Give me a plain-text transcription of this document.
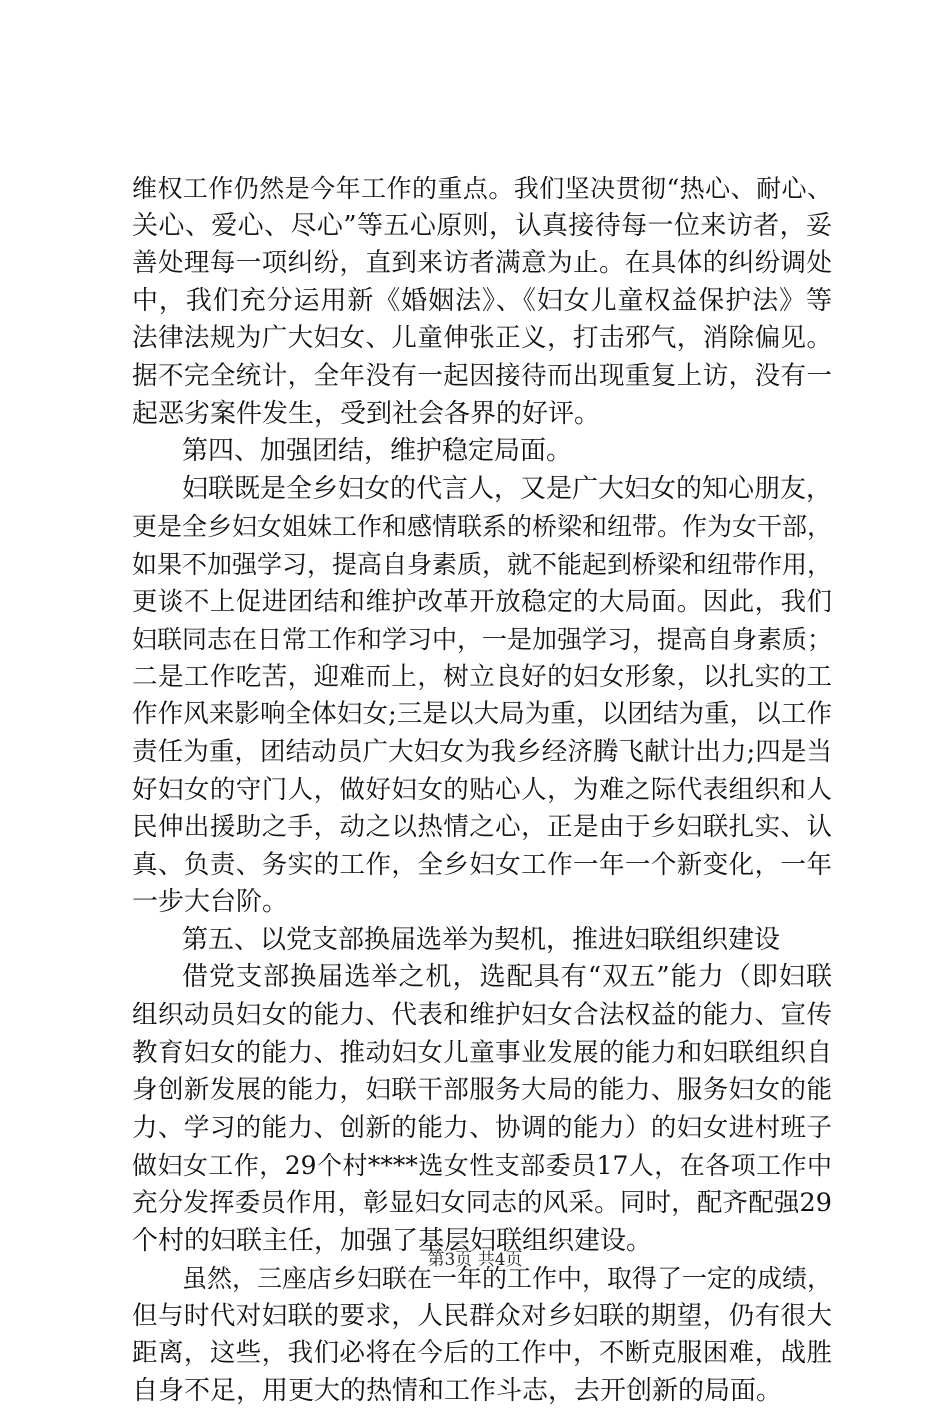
维权工作仍然是今年工作的重点。我们坚决贯彻“热心、耐心、
关心、爱心、尽心”等五心原则，认真接待每一位来访者，妥
善处理每一项纠纷，直到来访者满意为止。在具体的纠纷调处
中，我们充分运用新《婚姻法》、《妇女儿童权益保护法》等
法律法规为广大妇女、儿童伸张正义，打击邪气，消除偏见。
据不完全统计，全年没有一起因接待而出现重复上访，没有一
起恶劣案件发生，受到社会各界的好评。
第四、加强团结，维护稳定局面。
妇联既是全乡妇女的代言人，又是广大妇女的知心朋友，
更是全乡妇女姐妹工作和感情联系的桥梁和纽带。作为女干部，
如果不加强学习，提高自身素质，就不能起到桥梁和纽带作用，
更谈不上促进团结和维护改革开放稳定的大局面。因此，我们
妇联同志在日常工作和学习中，一是加强学习，提高自身素质；
二是工作吃苦，迎难而上，树立良好的妇女形象，以扎实的工
作作风来影响全体妇女;三是以大局为重，以团结为重，以工作
责任为重，团结动员广大妇女为我乡经济腾飞献计出力;四是当
好妇女的守门人，做好妇女的贴心人，为难之际代表组织和人
民伸出援助之手，动之以热情之心，正是由于乡妇联扎实、认
真、负责、务实的工作，全乡妇女工作一年一个新变化，一年
一步大台阶。
第五、以党支部换届选举为契机，推进妇联组织建设
借党支部换届选举之机，选配具有“双五”能力（即妇联
组织动员妇女的能力、代表和维护妇女合法权益的能力、宣传
教育妇女的能力、推动妇女儿童事业发展的能力和妇联组织自
身创新发展的能力，妇联干部服务大局的能力、服务妇女的能
力、学习的能力、创新的能力、协调的能力）的妇女进村班子
做妇女工作，29个村****选女性支部委员17人，在各项工作中
充分发挥委员作用，彰显妇女同志的风采。同时，配齐配强29
个村的妇联主任，加强了基层妇联组织建设。
虽然，三座店乡妇联在一年的工作中，取得了一定的成绩，
但与时代对妇联的要求，人民群众对乡妇联的期望，仍有很大
距离，这些，我们必将在今后的工作中，不断克服困难，战胜
自身不足，用更大的热情和工作斗志，去开创新的局面。
第3页 共4页
